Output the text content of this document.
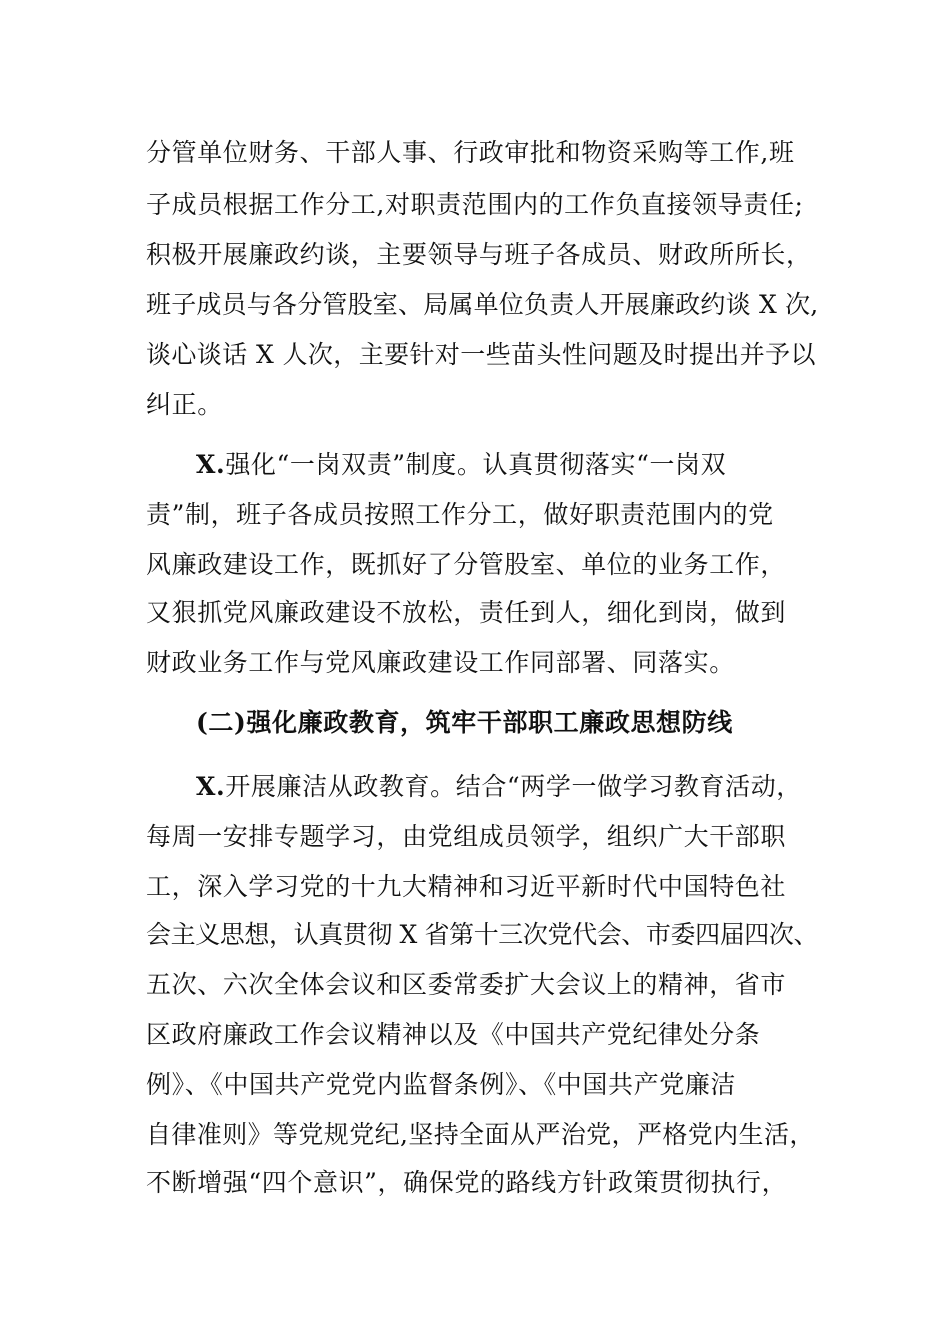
分管单位财务、干部人事、行政审批和物资采购等工作,班
子成员根据工作分工,对职责范围内的工作负直接领导责任;
积极开展廉政约谈，主要领导与班子各成员、财政所所长，
班子成员与各分管股室、局属单位负责人开展廉政约谈 X 次,
谈心谈话 X 人次，主要针对一些苗头性问题及时提出并予以
纠正。
X.强化“一岗双责”制度。认真贯彻落实“一岗双
责”制，班子各成员按照工作分工，做好职责范围内的党
风廉政建设工作，既抓好了分管股室、单位的业务工作，
又狠抓党风廉政建设不放松，责任到人，细化到岗，做到
财政业务工作与党风廉政建设工作同部署、同落实。
(二)强化廉政教育，筑牢干部职工廉政思想防线
X.开展廉洁从政教育。结合“两学一做学习教育活动，
每周一安排专题学习，由党组成员领学，组织广大干部职
工，深入学习党的十九大精神和习近平新时代中国特色社
会主义思想，认真贯彻 X 省第十三次党代会、市委四届四次、
五次、六次全体会议和区委常委扩大会议上的精神，省市
区政府廉政工作会议精神以及《中国共产党纪律处分条
例》、《中国共产党党内监督条例》、《中国共产党廉洁
自律准则》等党规党纪,坚持全面从严治党，严格党内生活，
不断增强“四个意识”，确保党的路线方针政策贯彻执行，
